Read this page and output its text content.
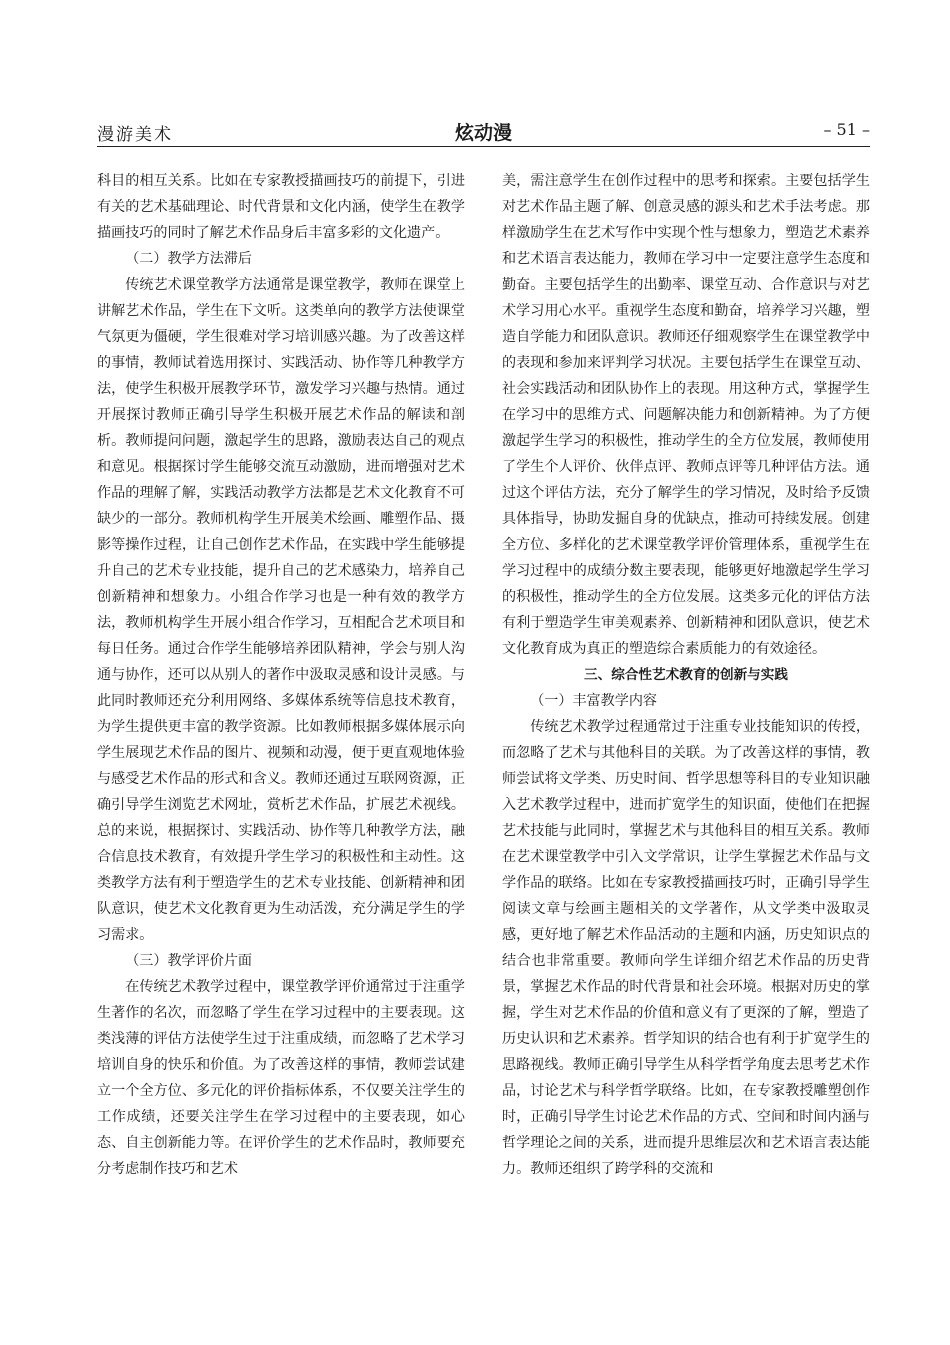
漫游美术	炫动漫	– 51 –

科目的相互关系。比如在专家教授描画技巧的前提下，引进有关的艺术基础理论、时代背景和文化内涵，使学生在教学描画技巧的同时了解艺术作品身后丰富多彩的文化遗产。

（二）教学方法滞后

传统艺术课堂教学方法通常是课堂教学，教师在课堂上讲解艺术作品，学生在下文听。这类单向的教学方法使课堂气氛更为僵硬，学生很难对学习培训感兴趣。为了改善这样的事情，教师试着选用探讨、实践活动、协作等几种教学方法，使学生积极开展教学环节，激发学习兴趣与热情。通过开展探讨教师正确引导学生积极开展艺术作品的解读和剖析。教师提问问题，激起学生的思路，激励表达自己的观点和意见。根据探讨学生能够交流互动激励，进而增强对艺术作品的理解了解，实践活动教学方法都是艺术文化教育不可缺少的一部分。教师机构学生开展美术绘画、雕塑作品、摄影等操作过程，让自己创作艺术作品，在实践中学生能够提升自己的艺术专业技能，提升自己的艺术感染力，培养自己创新精神和想象力。小组合作学习也是一种有效的教学方法，教师机构学生开展小组合作学习，互相配合艺术项目和每日任务。通过合作学生能够培养团队精神，学会与别人沟通与协作，还可以从别人的著作中汲取灵感和设计灵感。与此同时教师还充分利用网络、多媒体系统等信息技术教育，为学生提供更丰富的教学资源。比如教师根据多媒体展示向学生展现艺术作品的图片、视频和动漫，便于更直观地体验与感受艺术作品的形式和含义。教师还通过互联网资源，正确引导学生浏览艺术网址，赏析艺术作品，扩展艺术视线。总的来说，根据探讨、实践活动、协作等几种教学方法，融合信息技术教育，有效提升学生学习的积极性和主动性。这类教学方法有利于塑造学生的艺术专业技能、创新精神和团队意识，使艺术文化教育更为生动活泼，充分满足学生的学习需求。

（三）教学评价片面

在传统艺术教学过程中，课堂教学评价通常过于注重学生著作的名次，而忽略了学生在学习过程中的主要表现。这类浅薄的评估方法使学生过于注重成绩，而忽略了艺术学习培训自身的快乐和价值。为了改善这样的事情，教师尝试建立一个全方位、多元化的评价指标体系，不仅要关注学生的工作成绩，还要关注学生在学习过程中的主要表现，如心态、自主创新能力等。在评价学生的艺术作品时，教师要充分考虑制作技巧和艺术

美，需注意学生在创作过程中的思考和探索。主要包括学生对艺术作品主题了解、创意灵感的源头和艺术手法考虑。那样激励学生在艺术写作中实现个性与想象力，塑造艺术素养和艺术语言表达能力，教师在学习中一定要注意学生态度和勤奋。主要包括学生的出勤率、课堂互动、合作意识与对艺术学习用心水平。重视学生态度和勤奋，培养学习兴趣，塑造自学能力和团队意识。教师还仔细观察学生在课堂教学中的表现和参加来评判学习状况。主要包括学生在课堂互动、社会实践活动和团队协作上的表现。用这种方式，掌握学生在学习中的思维方式、问题解决能力和创新精神。为了方便激起学生学习的积极性，推动学生的全方位发展，教师使用了学生个人评价、伙伴点评、教师点评等几种评估方法。通过这个评估方法，充分了解学生的学习情况，及时给予反馈具体指导，协助发掘自身的优缺点，推动可持续发展。创建全方位、多样化的艺术课堂教学评价管理体系，重视学生在学习过程中的成绩分数主要表现，能够更好地激起学生学习的积极性，推动学生的全方位发展。这类多元化的评估方法有利于塑造学生审美观素养、创新精神和团队意识，使艺术文化教育成为真正的塑造综合素质能力的有效途径。

三、综合性艺术教育的创新与实践

（一）丰富教学内容

传统艺术教学过程通常过于注重专业技能知识的传授，而忽略了艺术与其他科目的关联。为了改善这样的事情，教师尝试将文学类、历史时间、哲学思想等科目的专业知识融入艺术教学过程中，进而扩宽学生的知识面，使他们在把握艺术技能与此同时，掌握艺术与其他科目的相互关系。教师在艺术课堂教学中引入文学常识，让学生掌握艺术作品与文学作品的联络。比如在专家教授描画技巧时，正确引导学生阅读文章与绘画主题相关的文学著作，从文学类中汲取灵感，更好地了解艺术作品活动的主题和内涵，历史知识点的结合也非常重要。教师向学生详细介绍艺术作品的历史背景，掌握艺术作品的时代背景和社会环境。根据对历史的掌握，学生对艺术作品的价值和意义有了更深的了解，塑造了历史认识和艺术素养。哲学知识的结合也有利于扩宽学生的思路视线。教师正确引导学生从科学哲学角度去思考艺术作品，讨论艺术与科学哲学联络。比如，在专家教授雕塑创作时，正确引导学生讨论艺术作品的方式、空间和时间内涵与哲学理论之间的关系，进而提升思维层次和艺术语言表达能力。教师还组织了跨学科的交流和
